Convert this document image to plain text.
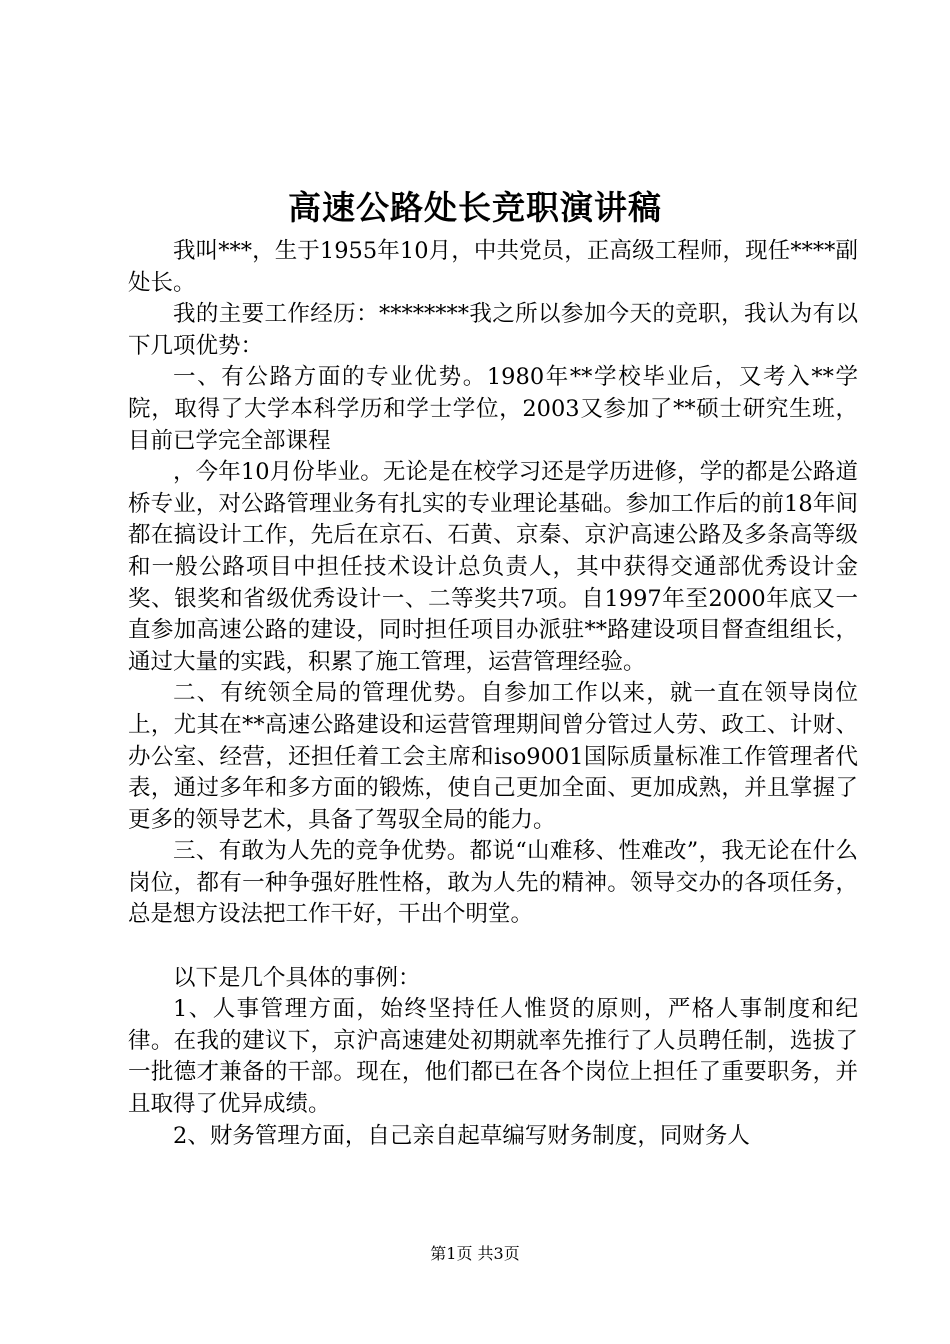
高速公路处长竞职演讲稿

我叫***，生于1955年10月，中共党员，正高级工程师，现任****副处长。

我的主要工作经历：********我之所以参加今天的竞职，我认为有以下几项优势：

一、有公路方面的专业优势。1980年**学校毕业后，又考入**学院，取得了大学本科学历和学士学位，2003又参加了**硕士研究生班，目前已学完全部课程

，今年10月份毕业。无论是在校学习还是学历进修，学的都是公路道桥专业，对公路管理业务有扎实的专业理论基础。参加工作后的前18年间都在搞设计工作，先后在京石、石黄、京秦、京沪高速公路及多条高等级和一般公路项目中担任技术设计总负责人，其中获得交通部优秀设计金奖、银奖和省级优秀设计一、二等奖共7项。自1997年至2000年底又一直参加高速公路的建设，同时担任项目办派驻**路建设项目督查组组长，通过大量的实践，积累了施工管理，运营管理经验。

二、有统领全局的管理优势。自参加工作以来，就一直在领导岗位上，尤其在**高速公路建设和运营管理期间曾分管过人劳、政工、计财、办公室、经营，还担任着工会主席和iso9001国际质量标准工作管理者代表，通过多年和多方面的锻炼，使自己更加全面、更加成熟，并且掌握了更多的领导艺术，具备了驾驭全局的能力。

三、有敢为人先的竞争优势。都说“山难移、性难改”，我无论在什么岗位，都有一种争强好胜性格，敢为人先的精神。领导交办的各项任务，总是想方设法把工作干好，干出个明堂。

以下是几个具体的事例：

1、人事管理方面，始终坚持任人惟贤的原则，严格人事制度和纪律。在我的建议下，京沪高速建处初期就率先推行了人员聘任制，选拔了一批德才兼备的干部。现在，他们都已在各个岗位上担任了重要职务，并且取得了优异成绩。

2、财务管理方面，自己亲自起草编写财务制度，同财务人

第1页 共3页
